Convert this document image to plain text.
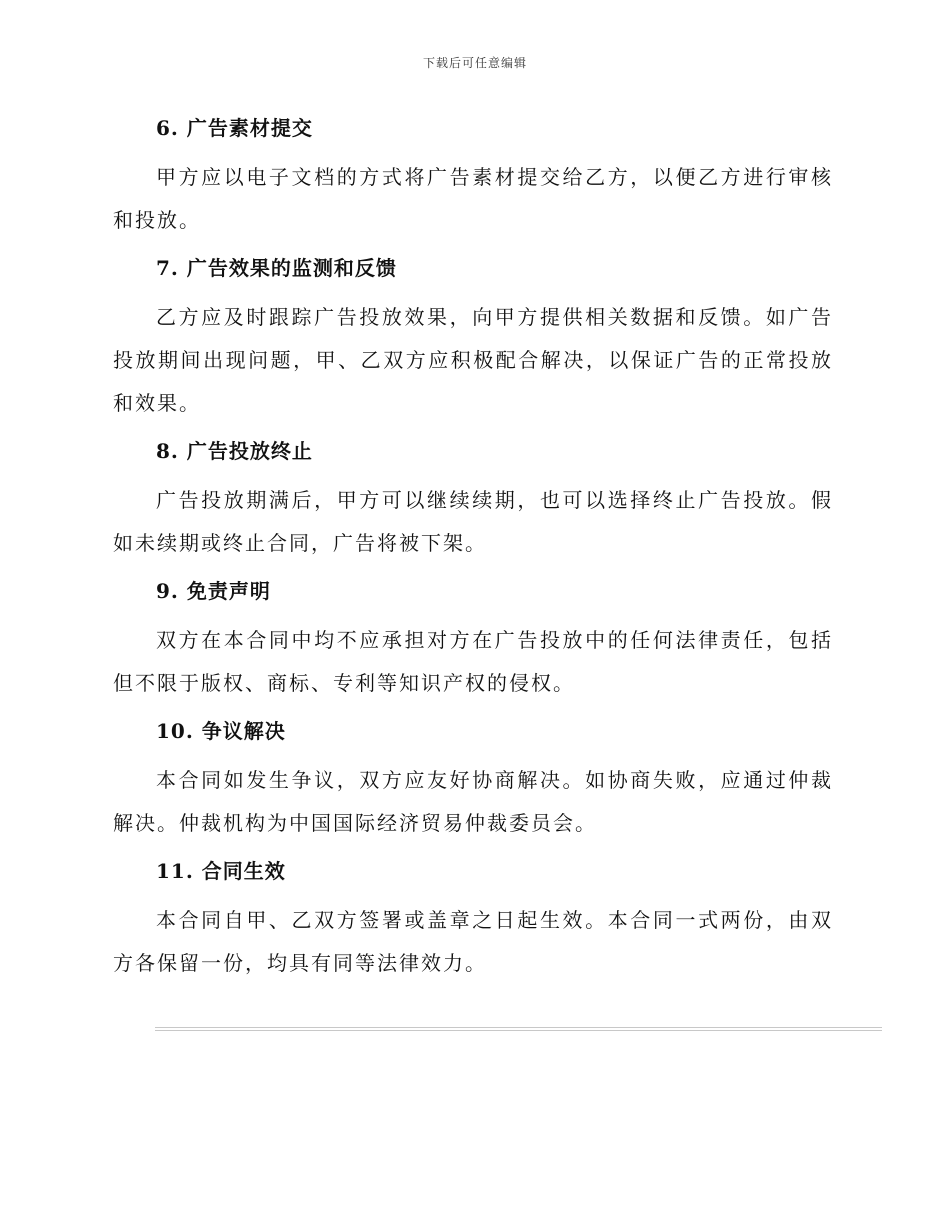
下载后可任意编辑
6. 广告素材提交

甲方应以电子文档的方式将广告素材提交给乙方，以便乙方进行审核和投放。

7. 广告效果的监测和反馈

乙方应及时跟踪广告投放效果，向甲方提供相关数据和反馈。如广告投放期间出现问题，甲、乙双方应积极配合解决，以保证广告的正常投放和效果。

8. 广告投放终止

广告投放期满后，甲方可以继续续期，也可以选择终止广告投放。假如未续期或终止合同，广告将被下架。

9. 免责声明

双方在本合同中均不应承担对方在广告投放中的任何法律责任，包括但不限于版权、商标、专利等知识产权的侵权。

10. 争议解决

本合同如发生争议，双方应友好协商解决。如协商失败，应通过仲裁解决。仲裁机构为中国国际经济贸易仲裁委员会。

11. 合同生效

本合同自甲、乙双方签署或盖章之日起生效。本合同一式两份，由双方各保留一份，均具有同等法律效力。
